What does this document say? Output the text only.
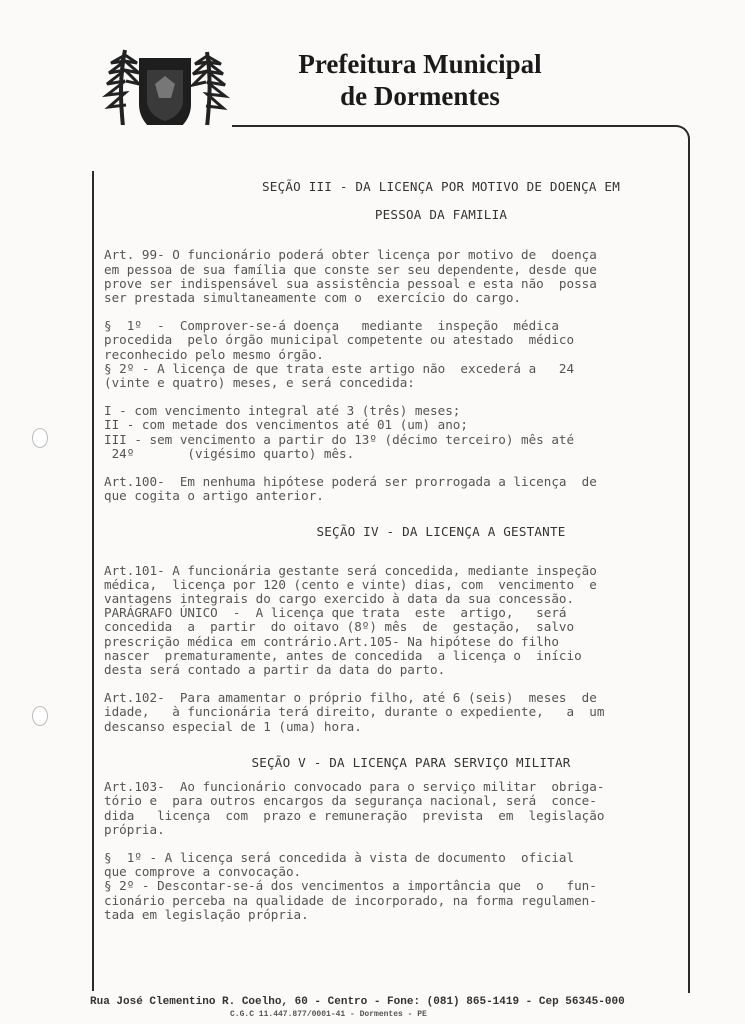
Prefeitura Municipal
de Dormentes
SEÇÃO III - DA LICENÇA POR MOTIVO DE DOENÇA EM
PESSOA DA FAMILIA

Art. 99- O funcionário poderá obter licença por motivo de  doença
em pessoa de sua família que conste ser seu dependente, desde que
prove ser indispensável sua assistência pessoal e esta não  possa
ser prestada simultaneamente com o  exercício do cargo.

§  1º  -  Comprover-se-á doença   mediante  inspeção  médica
procedida  pelo órgão municipal competente ou atestado  médico
reconhecido pelo mesmo órgão.
§ 2º - A licença de que trata este artigo não  excederá a   24
(vinte e quatro) meses, e será concedida:

I - com vencimento integral até 3 (três) meses;
II - com metade dos vencimentos até 01 (um) ano;
III - sem vencimento a partir do 13º (décimo terceiro) mês até
24º       (vigésimo quarto) mês.

Art.100-  Em nenhuma hipótese poderá ser prorrogada a licença  de
que cogita o artigo anterior.

SEÇÃO IV - DA LICENÇA A GESTANTE

Art.101- A funcionária gestante será concedida, mediante inspeção
médica,  licença por 120 (cento e vinte) dias, com  vencimento  e
vantagens integrais do cargo exercido à data da sua concessão.
PARÁGRAFO ÚNICO  -  A licença que trata  este  artigo,   será
concedida  a  partir  do oitavo (8º) mês  de  gestação,  salvo
prescrição médica em contrário.Art.105- Na hipótese do filho
nascer  prematuramente, antes de concedida  a licença o  início
desta será contado a partir da data do parto.

Art.102-  Para amamentar o próprio filho, até 6 (seis)  meses  de
idade,   à funcionária terá direito, durante o expediente,   a  um
descanso especial de 1 (uma) hora.

SEÇÃO V - DA LICENÇA PARA SERVIÇO MILITAR

Art.103-  Ao funcionário convocado para o serviço militar  obriga-
tório e  para outros encargos da segurança nacional, será  conce-
dida   licença  com  prazo e remuneração  prevista  em  legislação
própria.

§  1º - A licença será concedida à vista de documento  oficial
que comprove a convocação.
§ 2º - Descontar-se-á dos vencimentos a importância que  o   fun-
cionário perceba na qualidade de incorporado, na forma regulamen-
tada em legislação própria.

Rua José Clementino R. Coelho, 60 - Centro - Fone: (081) 865-1419 - Cep 56345-000
C.G.C 11.447.877/0001-41 - Dormentes - PE
